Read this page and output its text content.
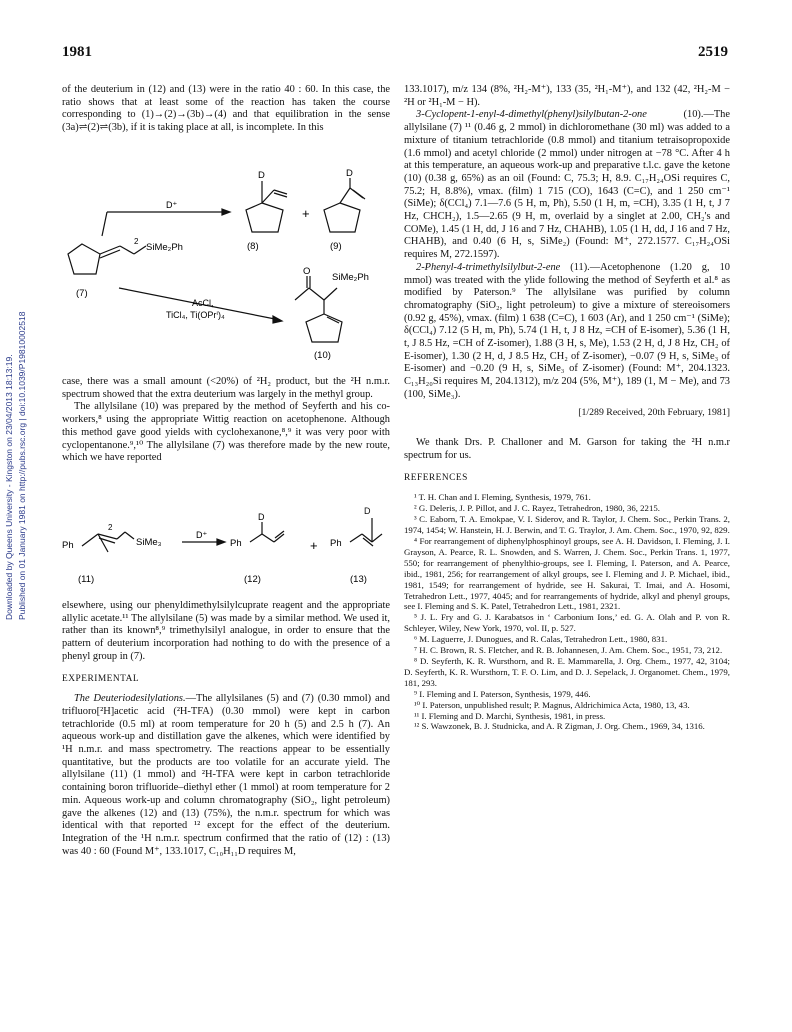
1981	2519
Downloaded by Queens University - Kingston on 23/04/2013 18:13:19. Published on 01 January 1981 on http://pubs.rsc.org | doi:10.1039/P19810002518

of the deuterium in (12) and (13) were in the ratio 40 : 60. In this case, the ratio shows that at least some of the reaction has taken the course corresponding to (1)→(2)→(3b)→(4) and that equilibration in the sense (3a)⇌(2)⇌(3b), if it is taking place at all, is incomplete. In this

D⁺
2
SiMe₂Ph
(7)
AcCl,
TiCl₄, Ti(OPrⁱ)₄
D
(8)
+
D
(9)
O
SiMe₂Ph
(10)

case, there was a small amount (<20%) of ²H₂ product, but the ²H n.m.r. spectrum showed that the extra deuterium was largely in the methyl group.

The allylsilane (10) was prepared by the method of Seyferth and his co-workers,⁸ using the appropriate Wittig reaction on acetophenone. Although this method gave good yields with cyclohexanone,⁸,⁹ it was very poor with cyclopentanone.⁹,¹⁰ The allylsilane (7) was therefore made by the new route, which we have reported

Ph
2
SiMe₃
D⁺
Ph
D
+ Ph
(12)
(11)	(13)
D

elsewhere, using our phenyldimethylsilylcuprate reagent and the appropriate allylic acetate.¹¹ The allylsilane (5) was made by a similar method. We used it, rather than its known⁸,⁹ trimethylsilyl analogue, in order to ensure that the pattern of deuterium incorporation had nothing to do with the presence of a phenyl group in (7).

EXPERIMENTAL

The Deuteriodesilylations.—The allylsilanes (5) and (7) (0.30 mmol) and trifluoro[²H]acetic acid (²H-TFA) (0.30 mmol) were kept in carbon tetrachloride (0.5 ml) at room temperature for 20 h (5) and 2.5 h (7). An aqueous work-up and distillation gave the alkenes, which were identified by ¹H n.m.r. and mass spectrometry. The reactions appear to be essentially quantitative, but the products are too volatile for an accurate yield. The allylsilane (11) (1 mmol) and ²H-TFA were kept in carbon tetrachloride containing boron trifluoride–diethyl ether (1 mmol) at room temperature for 2 min. Aqueous work-up and column chromatography (SiO₂, light petroleum) gave the alkenes (12) and (13) (75%), the n.m.r. spectrum for which was identical with that reported ¹² except for the effect of the deuterium. Integration of the ¹H n.m.r. spectrum confirmed that the ratio of (12) : (13) was 40 : 60 (Found M⁺, 133.1017, C₁₀H₁₁D requires M,

133.1017), m/z 134 (8%, ²H₂-M⁺), 133 (35, ²H₁-M⁺), and 132 (42, ²H₂-M − ²H or ²H₁-M − H).

3-Cyclopent-1-enyl-4-dimethyl(phenyl)silylbutan-2-one (10).—The allylsilane (7) ¹¹ (0.46 g, 2 mmol) in dichloromethane (30 ml) was added to a mixture of titanium tetrachloride (0.8 mmol) and titanium tetraisopropoxide (1.6 mmol) and acetyl chloride (2 mmol) under nitrogen at −78 °C. After 4 h at this temperature, an aqueous work-up and preparative t.l.c. gave the ketone (10) (0.38 g, 65%) as an oil (Found: C, 75.3; H, 8.9. C₁₇H₂₄OSi requires C, 75.2; H, 8.8%), νmax. (film) 1 715 (CO), 1643 (C=C), and 1 250 cm⁻¹ (SiMe); δ(CCl₄) 7.1—7.6 (5 H, m, Ph), 5.50 (1 H, m, =CH), 3.35 (1 H, t, J 7 Hz, CHCH₂), 1.5—2.65 (9 H, m, overlaid by a singlet at 2.00, CH₂'s and COMe), 1.45 (1 H, dd, J 16 and 7 Hz, CHAHB), 1.05 (1 H, dd, J 16 and 7 Hz, CHAHB), and 0.40 (6 H, s, SiMe₂) (Found: M⁺, 272.1577. C₁₇H₂₄OSi requires M, 272.1597).

2-Phenyl-4-trimethylsilylbut-2-ene (11).—Acetophenone (1.20 g, 10 mmol) was treated with the ylide following the method of Seyferth et al.⁸ as modified by Paterson.⁹ The allylsilane was purified by column chromatography (SiO₂, light petroleum) to give a mixture of stereoisomers (0.92 g, 45%), νmax. (film) 1 638 (C=C), 1 603 (Ar), and 1 250 cm⁻¹ (SiMe); δ(CCl₄) 7.12 (5 H, m, Ph), 5.74 (1 H, t, J 8 Hz, =CH of E-isomer), 5.36 (1 H, t, J 8.5 Hz, =CH of Z-isomer), 1.88 (3 H, s, Me), 1.53 (2 H, d, J 8 Hz, CH₂ of E-isomer), 1.30 (2 H, d, J 8.5 Hz, CH₂ of Z-isomer), −0.07 (9 H, s, SiMe₃ of E-isomer) and −0.20 (9 H, s, SiMe₃ of Z-isomer) (Found: M⁺, 204.1323. C₁₃H₂₀Si requires M, 204.1312), m/z 204 (5%, M⁺), 189 (1, M − Me), and 73 (100, SiMe₃).

[1/289 Received, 20th February, 1981]

We thank Drs. P. Challoner and M. Garson for taking the ²H n.m.r spectrum for us.

REFERENCES

¹ T. H. Chan and I. Fleming, Synthesis, 1979, 761.

² G. Deleris, J. P. Pillot, and J. C. Rayez, Tetrahedron, 1980, 36, 2215.

³ C. Eaborn, T. A. Emokpae, V. I. Siderov, and R. Taylor, J. Chem. Soc., Perkin Trans. 2, 1974, 1454; W. Hanstein, H. J. Berwin, and T. G. Traylor, J. Am. Chem. Soc., 1970, 92, 829.

⁴ For rearrangement of diphenylphosphinoyl groups, see A. H. Davidson, I. Fleming, J. I. Grayson, A. Pearce, R. L. Snowden, and S. Warren, J. Chem. Soc., Perkin Trans. 1, 1977, 550; for rearrangement of phenylthio-groups, see I. Fleming, I. Paterson, and A. Pearce, ibid., 1981, 256; for rearrangement of alkyl groups, see I. Fleming and J. P. Michael, ibid., 1981, 1549; for rearrangement of hydride, see H. Sakurai, T. Imai, and A. Hosomi, Tetrahedron Lett., 1977, 4045; and for rearrangements of hydride, alkyl and phenyl groups, see I. Fleming and S. K. Patel, Tetrahedron Lett., 1981, 2321.

⁵ J. L. Fry and G. J. Karabatsos in ‘ Carbonium Ions,’ ed. G. A. Olah and P. von R. Schleyer, Wiley, New York, 1970, vol. II, p. 527.

⁶ M. Laguerre, J. Dunogues, and R. Calas, Tetrahedron Lett., 1980, 831.

⁷ H. C. Brown, R. S. Fletcher, and R. B. Johannesen, J. Am. Chem. Soc., 1951, 73, 212.

⁸ D. Seyferth, K. R. Wursthorn, and R. E. Mammarella, J. Org. Chem., 1977, 42, 3104; D. Seyferth, K. R. Wursthorn, T. F. O. Lim, and D. J. Sepelack, J. Organomet. Chem., 1979, 181, 293.

⁹ I. Fleming and I. Paterson, Synthesis, 1979, 446.

¹⁰ I. Paterson, unpublished result; P. Magnus, Aldrichimica Acta, 1980, 13, 43.

¹¹ I. Fleming and D. Marchi, Synthesis, 1981, in press.

¹² S. Wawzonek, B. J. Studnicka, and A. R Zigman, J. Org. Chem., 1969, 34, 1316.
